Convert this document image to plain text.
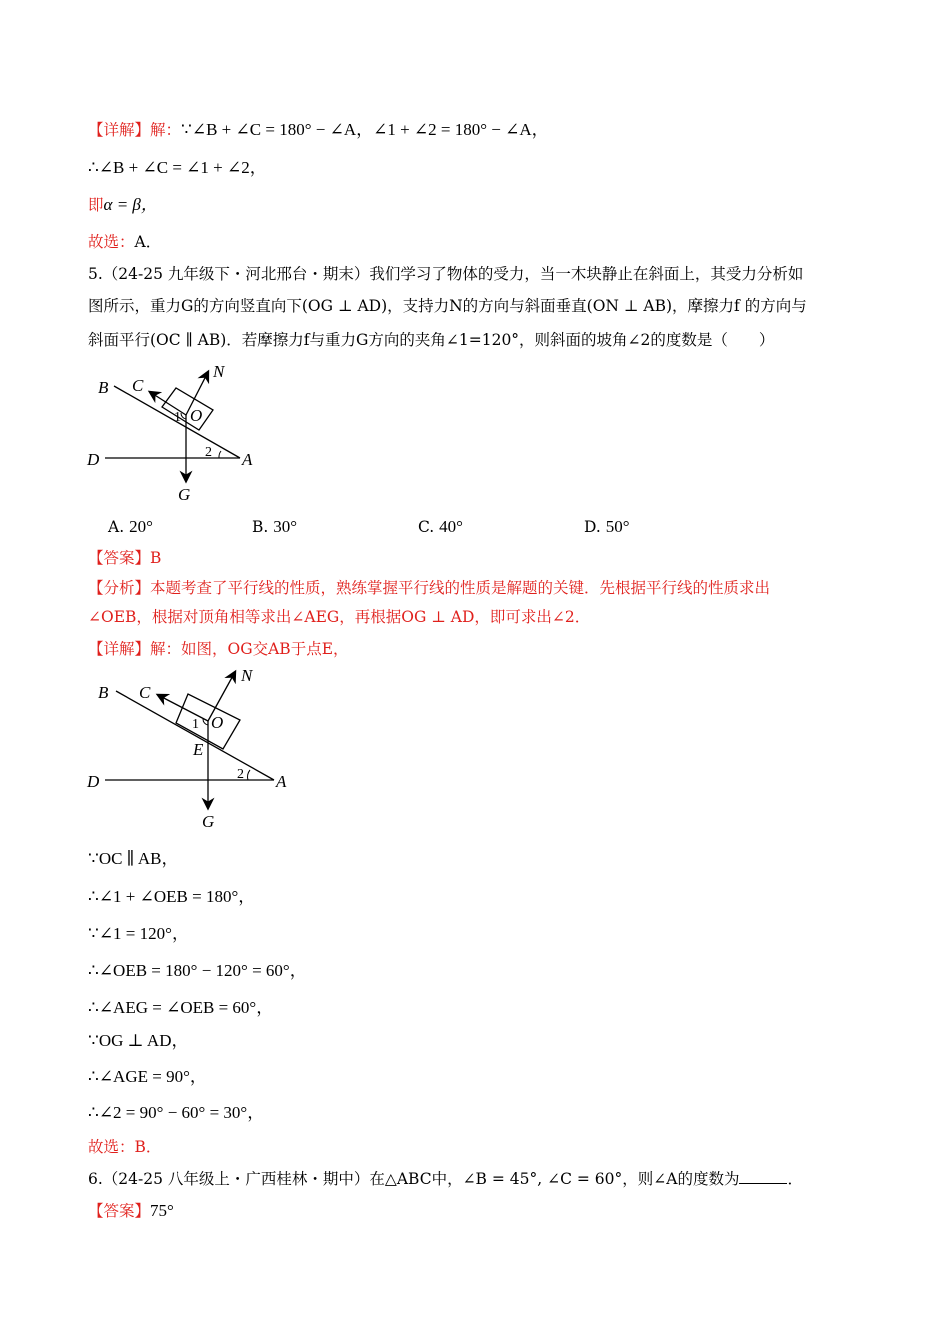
【详解】解：∵∠B + ∠C = 180° − ∠A，∠1 + ∠2 = 180° − ∠A，
∴∠B + ∠C = ∠1 + ∠2，
即α = β，
故选：A．
5.（24-25 九年级下・河北邢台・期末）我们学习了物体的受力，当一木块静止在斜面上，其受力分析如
图所示，重力G的方向竖直向下(OG ⊥ AD)，支持力N的方向与斜面垂直(ON ⊥ AB)，摩擦力f 的方向与
斜面平行(OC ∥ AB)．若摩擦力f与重力G方向的夹角∠1=120°，则斜面的坡角∠2的度数是（　　）
B C
N
O
1
2
D	A
G
A. 20°	B. 30°	C. 40°	D. 50°
【答案】B
【分析】本题考查了平行线的性质，熟练掌握平行线的性质是解题的关键．先根据平行线的性质求出
∠OEB，根据对顶角相等求出∠AEG，再根据OG ⊥ AD，即可求出∠2．
【详解】解：如图，OG交AB于点E，
B C
N
O
1
E
2
D	A
G
∵OC ∥ AB，
∴∠1 + ∠OEB = 180°，
∵∠1 = 120°，
∴∠OEB = 180° − 120° = 60°，
∴∠AEG = ∠OEB = 60°，
∵OG ⊥ AD，
∴∠AGE = 90°，
∴∠2 = 90° − 60° = 30°，
故选：B．
6.（24-25 八年级上・广西桂林・期中）在△ABC中，∠B = 45°, ∠C = 60°，则∠A的度数为	．
【答案】75°
